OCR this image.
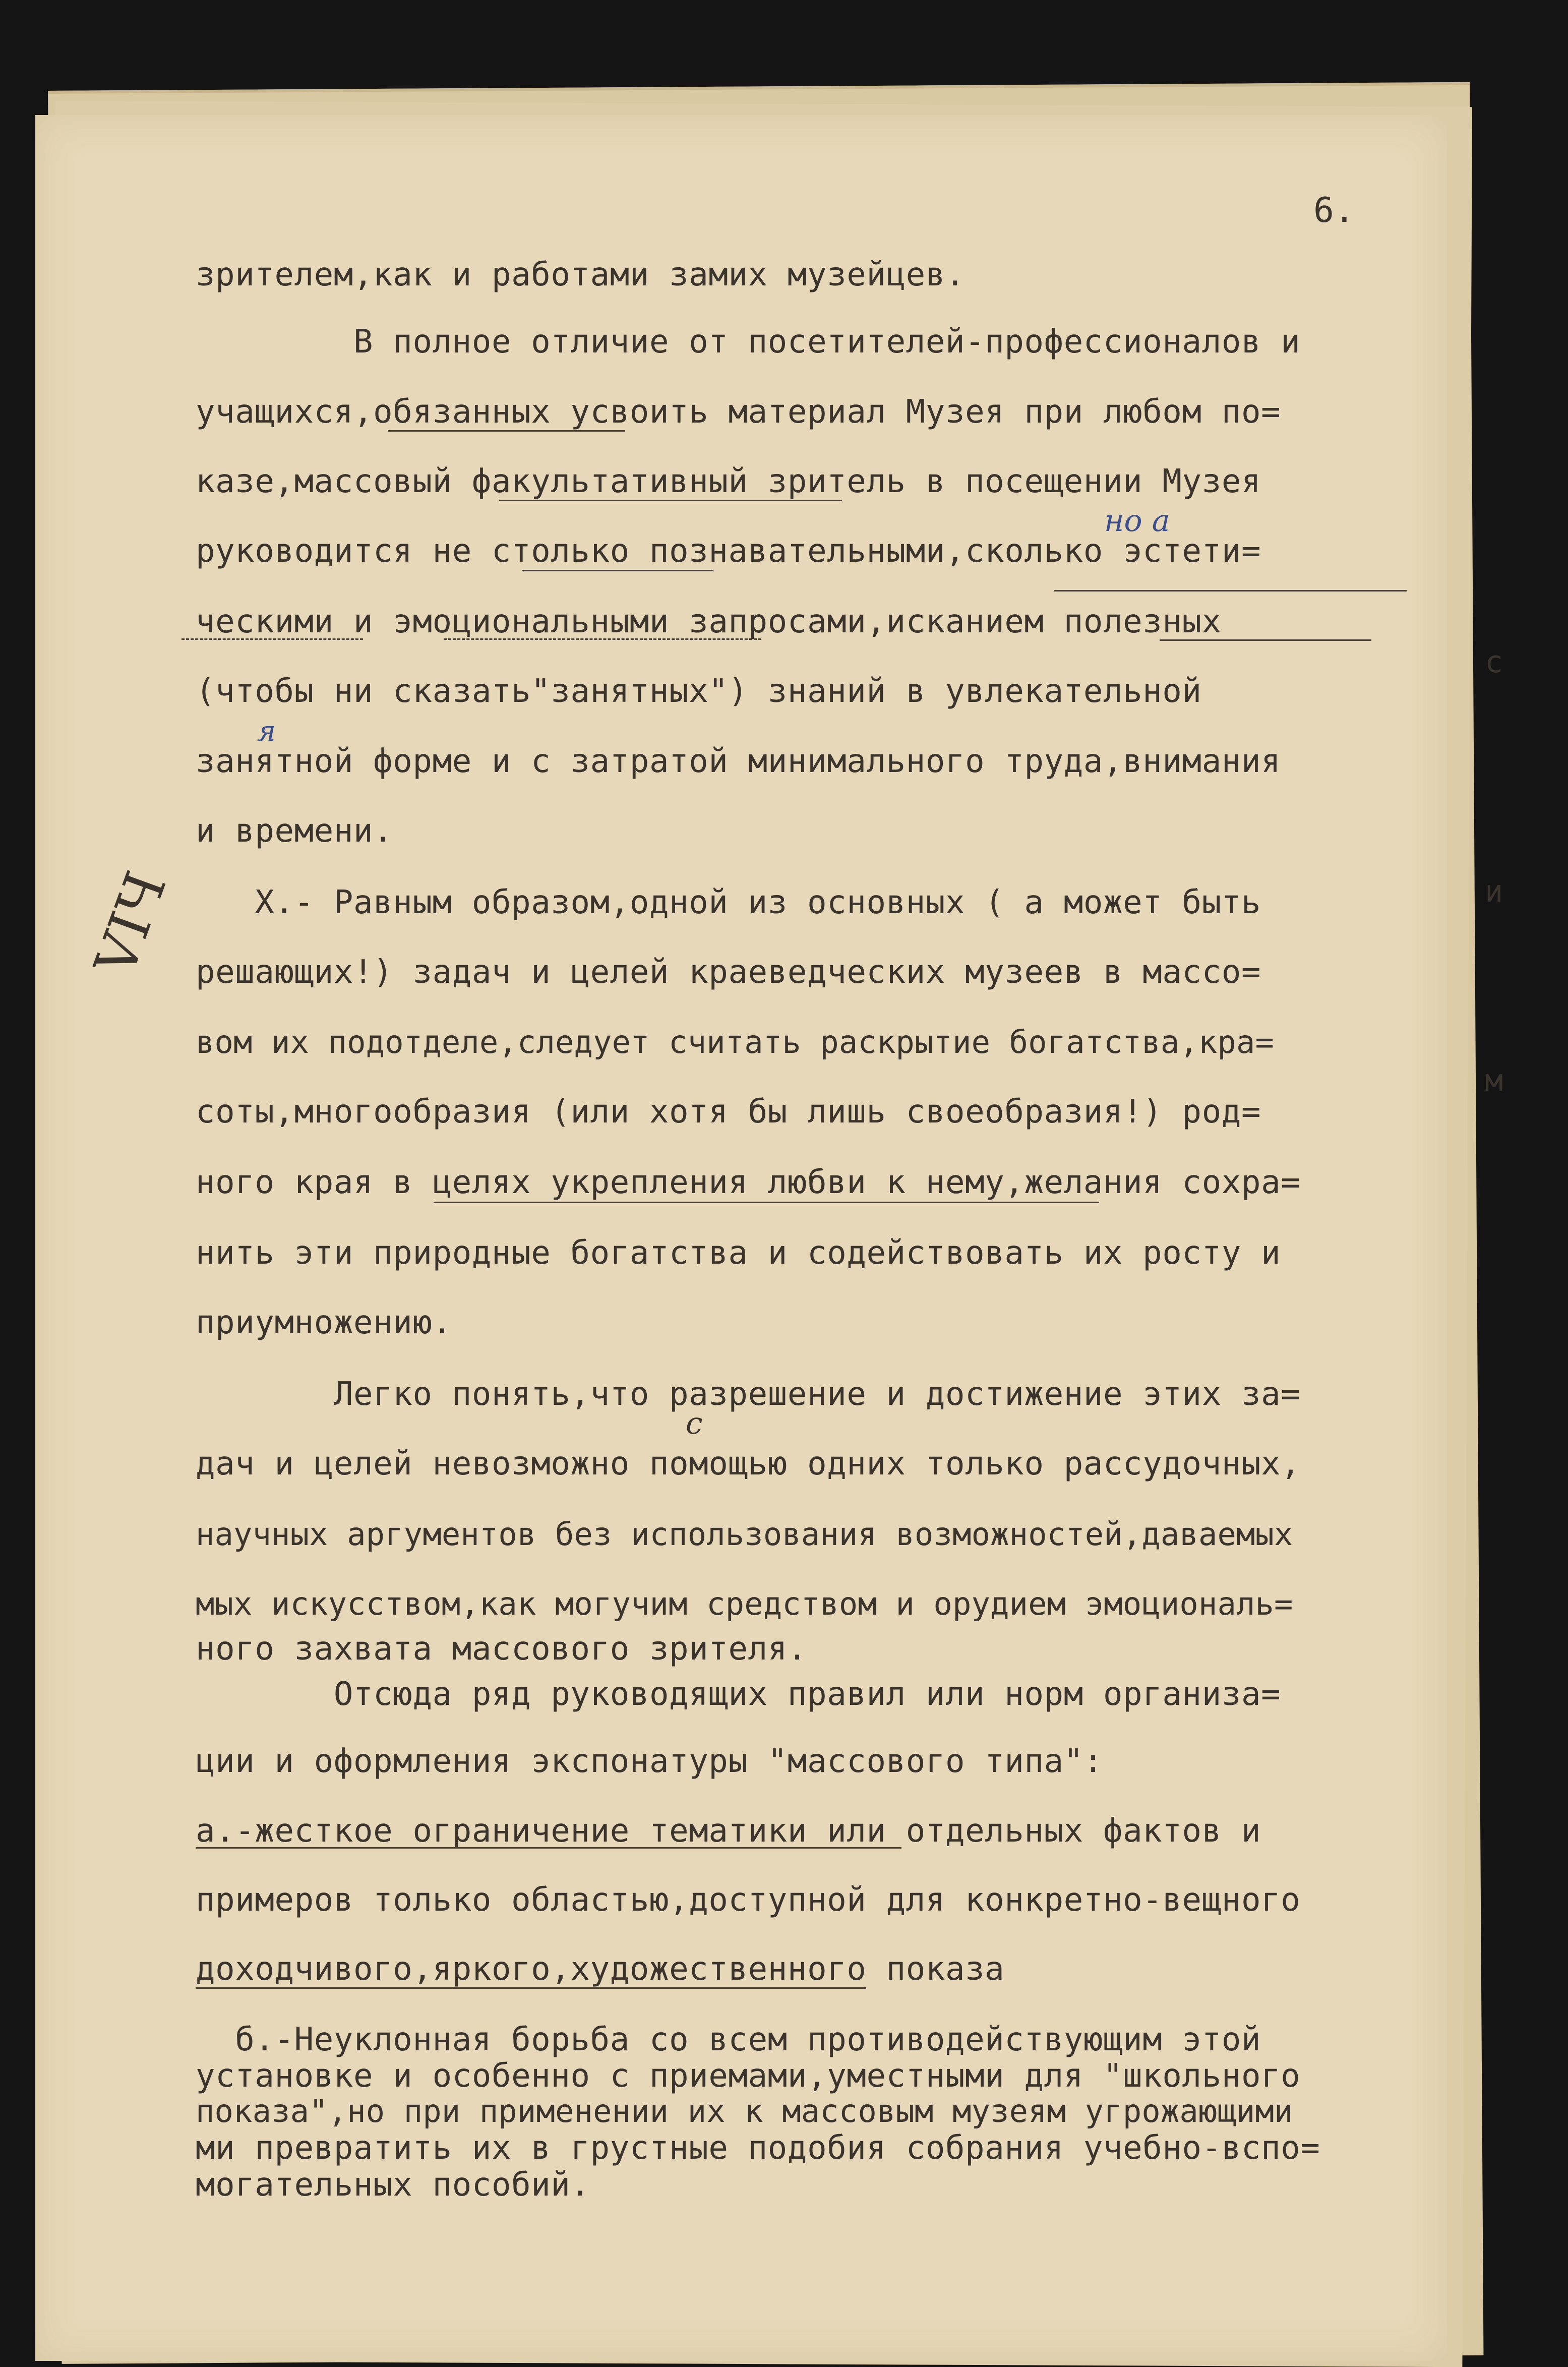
6.
зрителем,как и работами замих музейцев.
В полное отличие от посетителей-профессионалов и
учащихся,обязанных усвоить материал Музея при любом по=
казе,массовый факультативный зритель в посещении Музея
руководится не столько познавательными,сколько эстети=
ческими и эмоциональными запросами,исканием полезных
(чтобы ни сказать"занятных") знаний в увлекательной
занятной форме и с затратой минимального труда,внимания
и времени.
Х.- Равным образом,одной из основных ( а может быть
решающих!) задач и целей краеведческих музеев в массо=
вом их подотделе,следует считать раскрытие богатства,кра=
соты,многообразия (или хотя бы лишь своеобразия!) род=
ного края в целях укрепления любви к нему,желания сохра=
нить эти природные богатства и содействовать их росту и
приумножению.
Легко понять,что разрешение и достижение этих за=
дач и целей невозможно помощью одних только рассудочных,
научных аргументов без использования возможностей,даваемых
мых искусством,как могучим средством и орудием эмоциональ=
ного захвата массового зрителя.
Отсюда ряд руководящих правил или норм организа=
ции и оформления экспонатуры "массового типа":
а.-жесткое ограничение тематики или отдельных фактов и
примеров только областью,доступной для конкретно-вещного
доходчивого,яркого,художественного показа
б.-Неуклонная борьба со всем противодействующим этой
установке и особенно с приемами,уместными для "школьного
показа",но при применении их к массовым музеям угрожающими
ми превратить их в грустные подобия собрания учебно-вспо=
могательных пособий.
но а
я
с
VIЧ
с
и
м
